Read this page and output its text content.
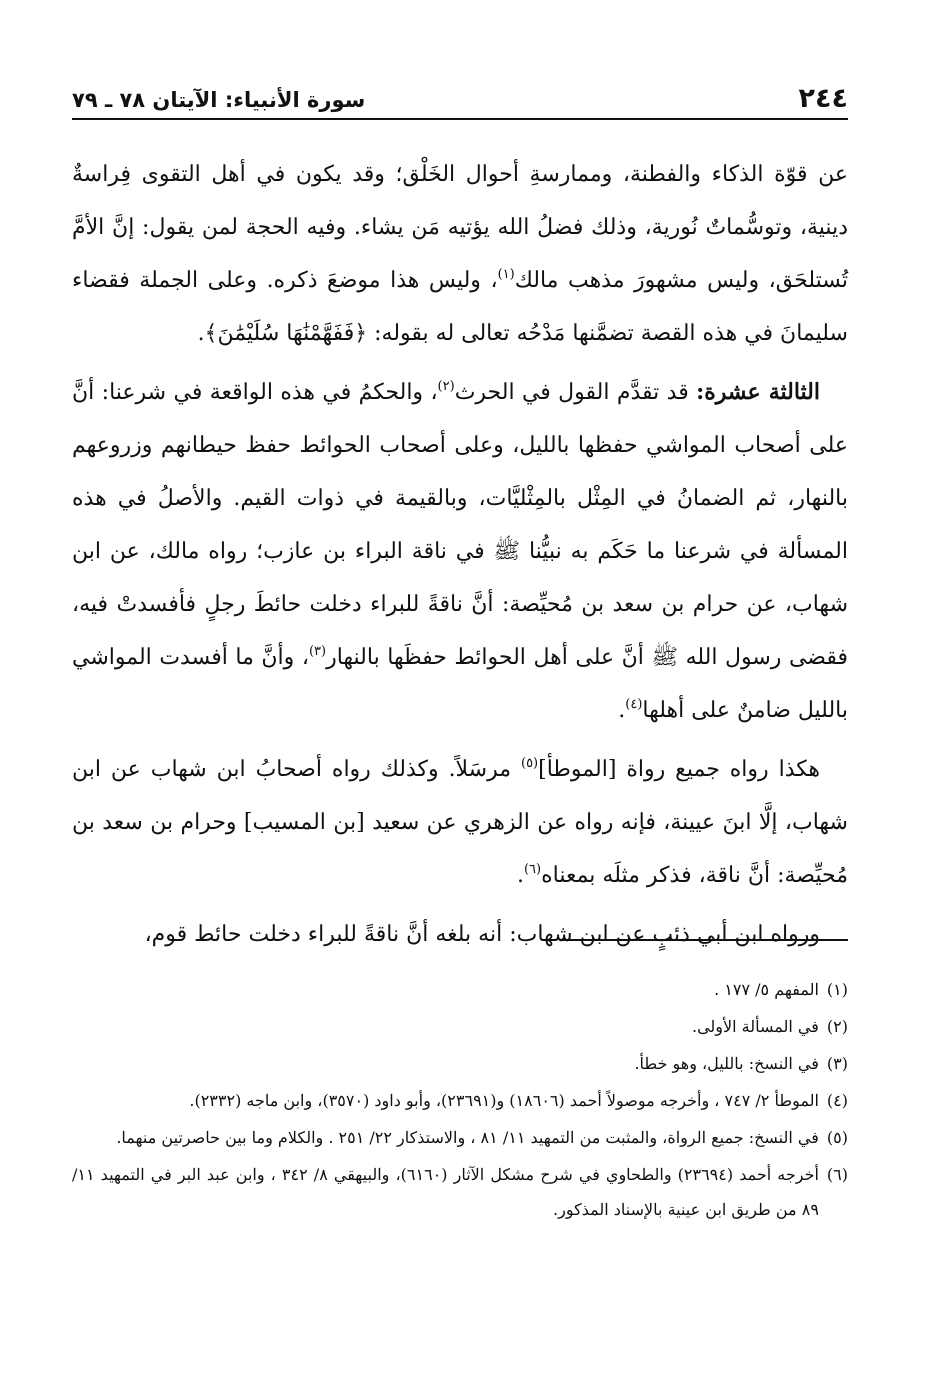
سورة الأنبياء: الآيتان ٧٨ ـ ٧٩	٢٤٤

عن قوّة الذكاء والفطنة، وممارسةِ أحوال الخَلْق؛ وقد يكون في أهل التقوى فِراسةٌ دينية، وتوسُّماتٌ نُورية، وذلك فضلُ الله يؤتيه مَن يشاء. وفيه الحجة لمن يقول: إنَّ الأمَّ تُستلحَق، وليس مشهورَ مذهب مالك$^{(١)}$، وليس هذا موضعَ ذكره. وعلى الجملة فقضاء سليمانَ في هذه القصة تضمَّنها مَدْحُه تعالى له بقوله: ﴿فَفَهَّمْنَٰهَا سُلَيْمَٰنَ﴾.

الثالثة عشرة: قد تقدَّم القول في الحرث$^{(٢)}$، والحكمُ في هذه الواقعة في شرعنا: أنَّ على أصحاب المواشي حفظها بالليل، وعلى أصحاب الحوائط حفظ حيطانهم وزروعهم بالنهار، ثم الضمانُ في المِثْل بالمِثْليَّات، وبالقيمة في ذوات القيم. والأصلُ في هذه المسألة في شرعنا ما حَكَم به نبيُّنا ﷺ في ناقة البراء بن عازب؛ رواه مالك، عن ابن شهاب، عن حرام بن سعد بن مُحيِّصة: أنَّ ناقةً للبراء دخلت حائطَ رجلٍ فأفسدتْ فيه، فقضى رسول الله ﷺ أنَّ على أهل الحوائط حفظَها بالنهار$^{(٣)}$، وأنَّ ما أفسدت المواشي بالليل ضامنٌ على أهلها$^{(٤)}$.

هكذا رواه جميع رواة [الموطأ]$^{(٥)}$ مرسَلاً. وكذلك رواه أصحابُ ابن شهاب عن ابن شهاب، إلَّا ابنَ عيينة، فإنه رواه عن الزهري عن سعيد [بن المسيب] وحرام بن سعد بن مُحيِّصة: أنَّ ناقة، فذكر مثلَه بمعناه$^{(٦)}$.

ورواه ابن أبي ذئبٍ عن ابن شهاب: أنه بلغه أنَّ ناقةً للبراء دخلت حائط قوم،

(١)
المفهم ٥/ ١٧٧ .
(٢)
في المسألة الأولى.
(٣)
في النسخ: بالليل، وهو خطأ.
(٤)
الموطأ ٢/ ٧٤٧ ، وأخرجه موصولاً أحمد (١٨٦٠٦) و(٢٣٦٩١)، وأبو داود (٣٥٧٠)، وابن ماجه (٢٣٣٢).
(٥)
في النسخ: جميع الرواة، والمثبت من التمهيد ١١/ ٨١ ، والاستذكار ٢٢/ ٢٥١ . والكلام وما بين حاصرتين منهما.
(٦)
أخرجه أحمد (٢٣٦٩٤) والطحاوي في شرح مشكل الآثار (٦١٦٠)، والبيهقي ٨/ ٣٤٢ ، وابن عبد البر في التمهيد ١١/ ٨٩ من طريق ابن عينية بالإسناد المذكور.
